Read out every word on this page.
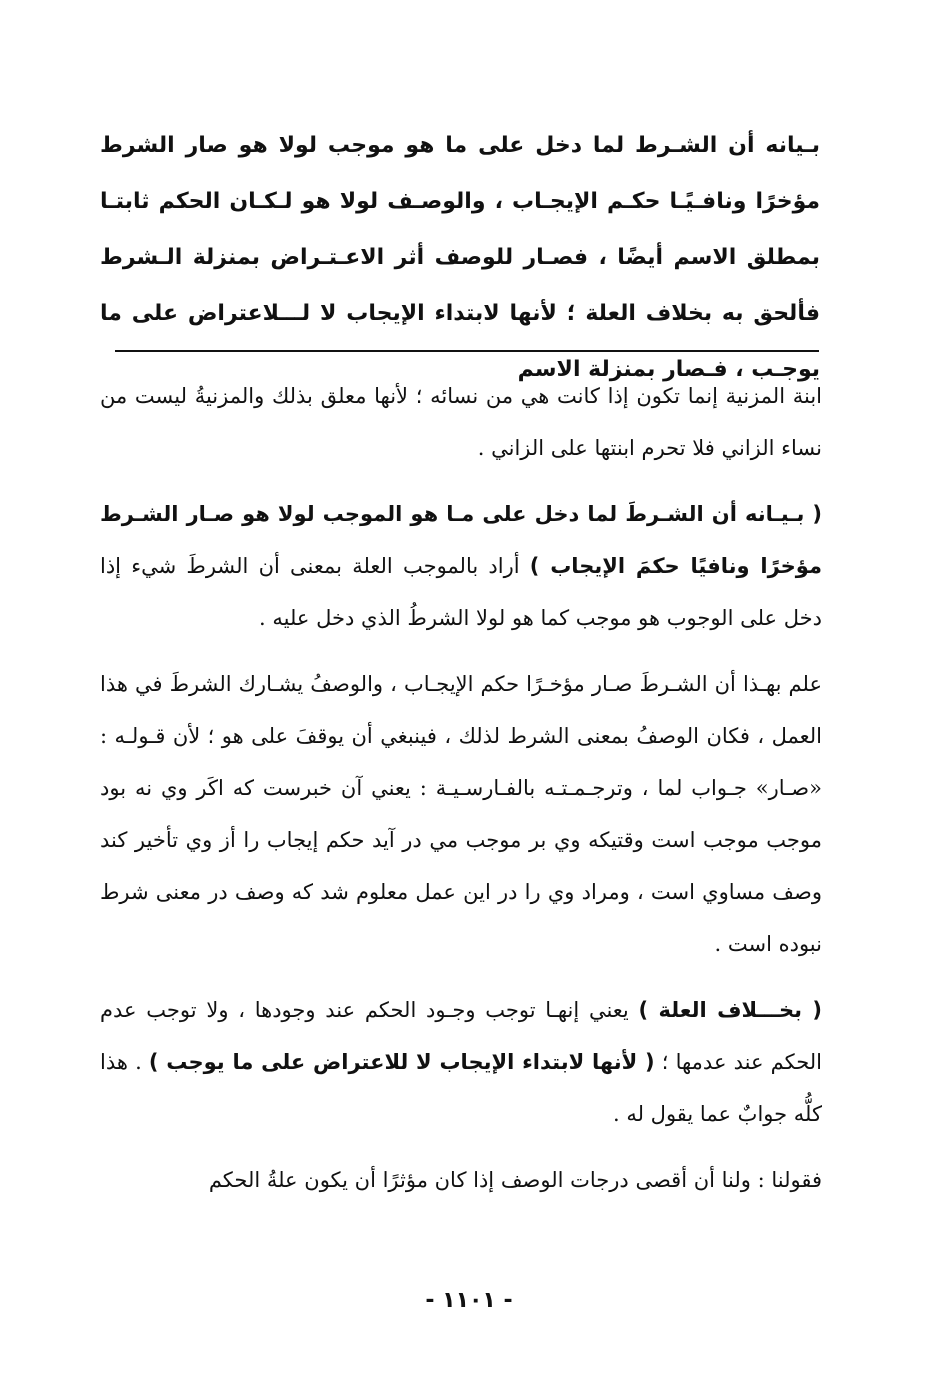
بـيانه أن الشـرط لما دخل على ما هو موجب لولا هو صار الشرط مؤخرًا ونافـيًـا حكـم الإيجـاب ، والوصـف لولا هو لـكـان الحكم ثابتـا بمطلق الاسم أيضًا ، فصـار للوصف أثر الاعـتـراض بمنزلة الـشرط فألحق به بخلاف العلة ؛ لأنها لابتداء الإيجاب لا لـــلاعتراض على ما يوجـب ، فـصار بمنزلة الاسم

ابنة المزنية إنما تكون إذا كانت هي من نسائه ؛ لأنها معلق بذلك والمزنيةُ ليست من نساء الزاني فلا تحرم ابنتها على الزاني .

( بـيـانه أن الشـرطَ لما دخل على مـا هو الموجب لولا هو صـار الشـرط مؤخرًا ونافيًا حكمَ الإيجاب ) أراد بالموجب العلة بمعنى أن الشرطَ شيء إذا دخل على الوجوب هو موجب كما هو لولا الشرطُ الذي دخل عليه .

علم بهـذا أن الشـرطَ صـار مؤخـرًا حكم الإيجـاب ، والوصفُ يشـارك الشرطَ في هذا العمل ، فكان الوصفُ بمعنى الشرط لذلك ، فينبغي أن يوقفَ على هو ؛ لأن قـولـه : «صـار» جـواب لما ، وترجـمـتـه بالفـارسـيـة : يعني آن خبرست كه اكَر وي نه بود موجب موجب است وقتيكه وي بر موجب مي در آيد حكم إيجاب را أز وي تأخير كند وصف مساوي است ، ومراد وي را در اين عمل معلوم شد كه وصف در معنى شرط نبوده است .

( بخـــلاف العلة ) يعني إنهـا توجب وجـود الحكم عند وجودها ، ولا توجب عدم الحكم عند عدمها ؛ ( لأنها لابتداء الإيجاب لا للاعتراض على ما يوجب ) . هذا كلُّه جوابٌ عما يقول له .

فقولنا : ولنا أن أقصى درجات الوصف إذا كان مؤثرًا أن يكون علةُ الحكم

- ١١٠١ -
